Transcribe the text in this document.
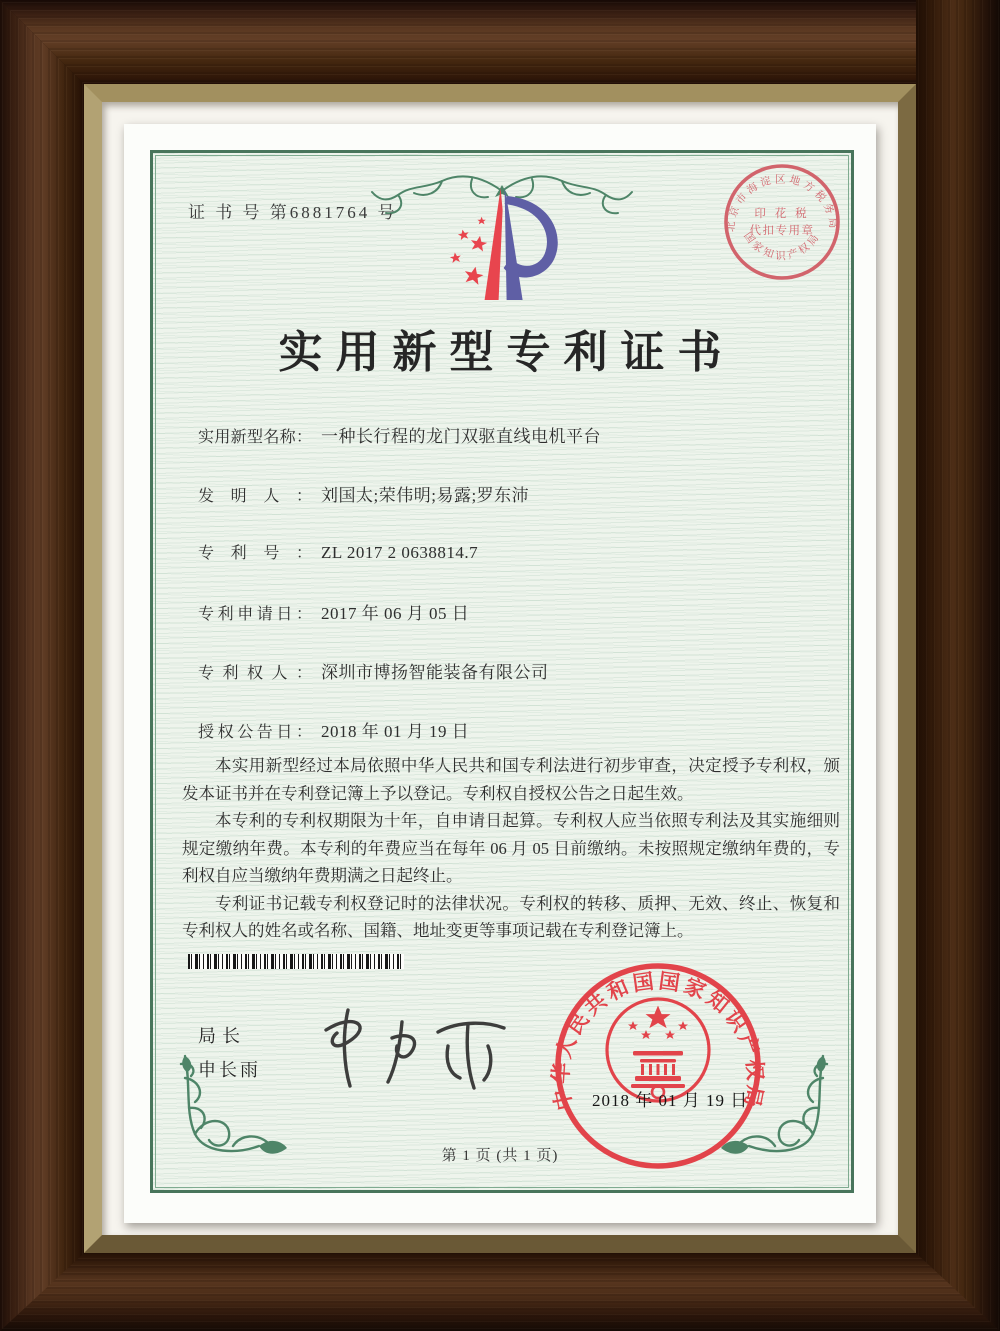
证 书 号 第6881764 号
北京市海淀区地方税务局
印 花 税
代扣专用章
国家知识产权局
实用新型专利证书
实用新型名称： 一种长行程的龙门双驱直线电机平台
发明人： 刘国太;荣伟明;易露;罗东沛
专利号： ZL 2017 2 0638814.7
专利申请日： 2017 年 06 月 05 日
专利权人： 深圳市博扬智能装备有限公司
授权公告日： 2018 年 01 月 19 日

本实用新型经过本局依照中华人民共和国专利法进行初步审查，决定授予专利权，颁发本证书并在专利登记簿上予以登记。专利权自授权公告之日起生效。

本专利的专利权期限为十年，自申请日起算。专利权人应当依照专利法及其实施细则规定缴纳年费。本专利的年费应当在每年 06 月 05 日前缴纳。未按照规定缴纳年费的，专利权自应当缴纳年费期满之日起终止。

专利证书记载专利权登记时的法律状况。专利权的转移、质押、无效、终止、恢复和专利权人的姓名或名称、国籍、地址变更等事项记载在专利登记簿上。

局长
申长雨
中华人民共和国国家知识产权局
2018 年 01 月 19 日
第 1 页 (共 1 页)
